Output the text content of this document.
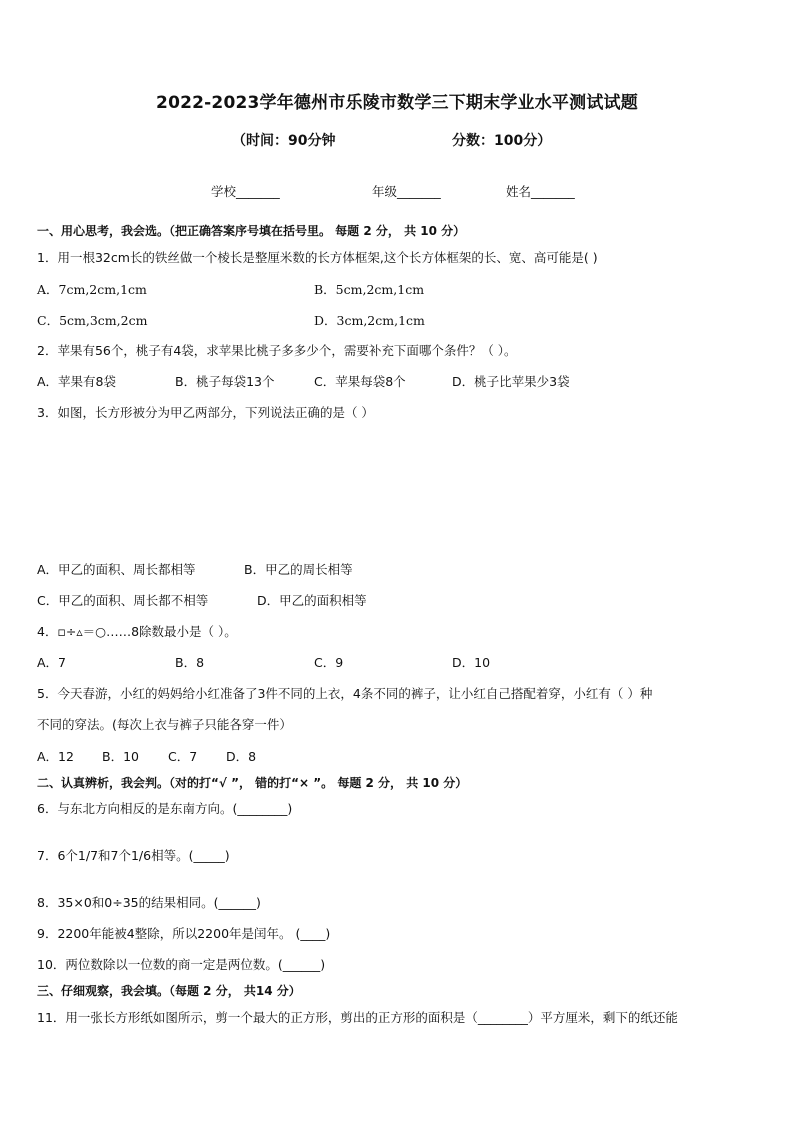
2022-2023学年德州市乐陵市数学三下期末学业水平测试试题
（时间：90分钟	分数：100分）
学校_______	年级_______	姓名_______
一、用心思考，我会选。（把正确答案序号填在括号里。 每题 2 分， 共 10 分）
1．用一根32cm长的铁丝做一个棱长是整厘米数的长方体框架,这个长方体框架的长、宽、高可能是( )
A．7cm,2cm,1cm	B．5cm,2cm,1cm
C．5cm,3cm,2cm	D．3cm,2cm,1cm
2．苹果有56个，桃子有4袋，求苹果比桃子多多少个，需要补充下面哪个条件？（ ）。
A．苹果有8袋	B．桃子每袋13个	C．苹果每袋8个	D．桃子比苹果少3袋
3．如图，长方形被分为甲乙两部分，下列说法正确的是（ ）
A．甲乙的面积、周长都相等	B．甲乙的周长相等
C．甲乙的面积、周长都不相等	D．甲乙的面积相等
4．▫÷▵＝○……8除数最小是（ ）。
A．7	B．8	C．9	D．10
5．今天春游，小红的妈妈给小红准备了3件不同的上衣，4条不同的裤子，让小红自己搭配着穿，小红有（ ）种
不同的穿法。(每次上衣与裤子只能各穿一件）
A．12 B．10 C．7 D．8
二、认真辨析，我会判。（对的打“√ ”， 错的打“× ”。 每题 2 分， 共 10 分）
6．与东北方向相反的是东南方向。(________)
7．6个1/7和7个1/6相等。(_____)
8．35×0和0÷35的结果相同。(______)
9．2200年能被4整除，所以2200年是闰年。 (____)
10．两位数除以一位数的商一定是两位数。(______)
三、仔细观察，我会填。（每题 2 分， 共14 分）
11．用一张长方形纸如图所示，剪一个最大的正方形，剪出的正方形的面积是（________）平方厘米，剩下的纸还能
